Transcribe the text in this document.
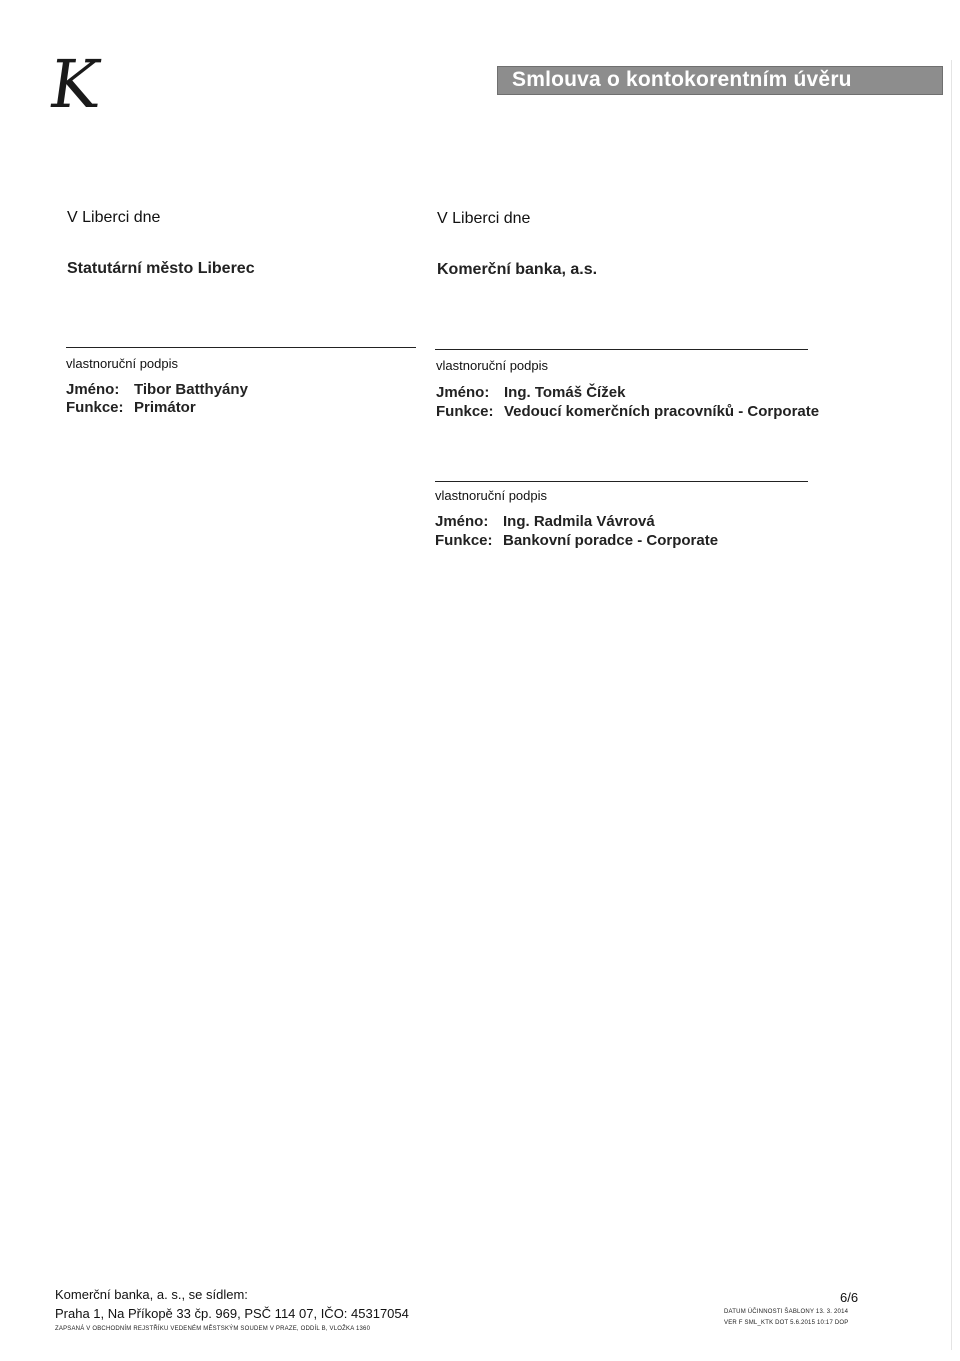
K	Smlouva o kontokorentním úvěru
V Liberci dne	V Liberci dne
Statutární město Liberec	Komerční banka, a.s.
vlastnoruční podpis
Jméno: Tibor Batthyány
Funkce: Primátor
vlastnoruční podpis
Jméno: Ing. Tomáš Čížek
Funkce: Vedoucí komerčních pracovníků - Corporate
vlastnoruční podpis
Jméno: Ing. Radmila Vávrová
Funkce: Bankovní poradce - Corporate
Komerční banka, a. s., se sídlem:
Praha 1, Na Příkopě 33 čp. 969, PSČ 114 07, IČO: 45317054
ZAPSANÁ V OBCHODNÍM REJSTŘÍKU VEDENÉM MĚSTSKÝM SOUDEM V PRAZE, ODDÍL B, VLOŽKA 1360
6/6
DATUM ÚČINNOSTI ŠABLONY 13. 3. 2014
VER F SML_KTK DOT 5.6.2015 10:17 DOP
